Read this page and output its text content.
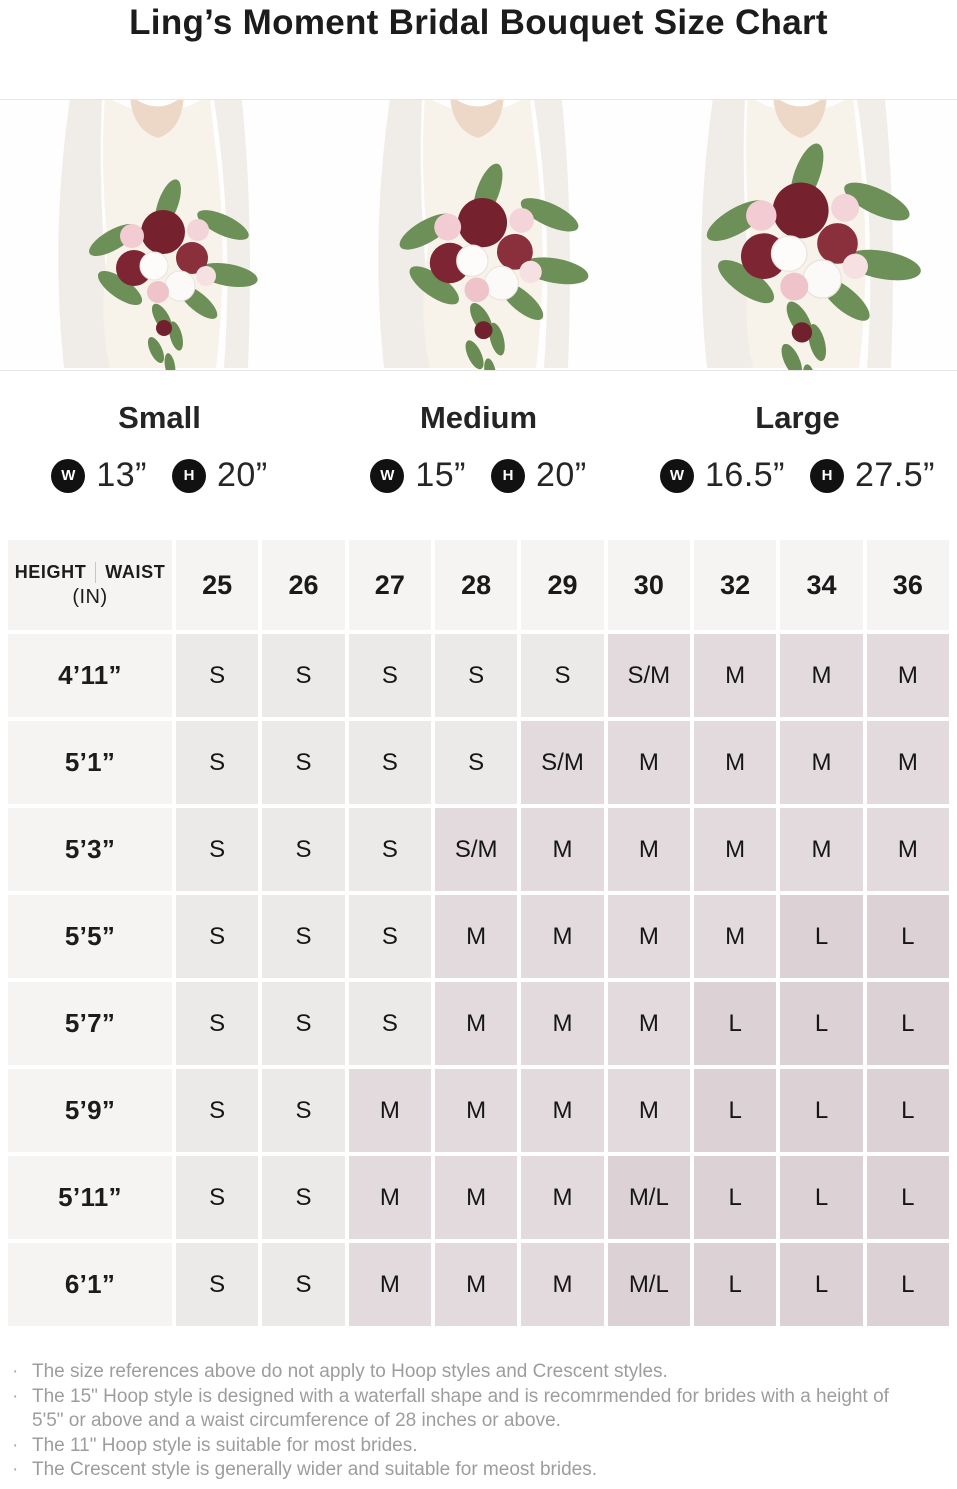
Ling’s Moment Bridal Bouquet Size Chart
Small	Medium	Large
W 13”	H 20”	W 15”	H 20”	W 16.5”	H 27.5”
HEIGHT WAIST
(IN)	25	26	27	28	29	30	32	34	36
4’11”	S	S	S	S	S	S/M	M	M	M
5’1”	S	S	S	S	S/M	M	M	M	M
5’3”	S	S	S	S/M	M	M	M	M	M
5’5”	S	S	S	M	M	M	M	L	L
5’7”	S	S	S	M	M	M	L	L	L
5’9”	S	S	M	M	M	M	L	L	L
5’11”	S	S	M	M	M	M/L	L	L	L
6’1”	S	S	M	M	M	M/L	L	L	L
· The size references above do not apply to Hoop styles and Crescent styles.
· The 15" Hoop style is designed with a waterfall shape and is recomrmended for brides with a height of 5'5" or above and a waist circumference of 28 inches or above.
· The 11" Hoop style is suitable for most brides.
· The Crescent style is generally wider and suitable for meost brides.
